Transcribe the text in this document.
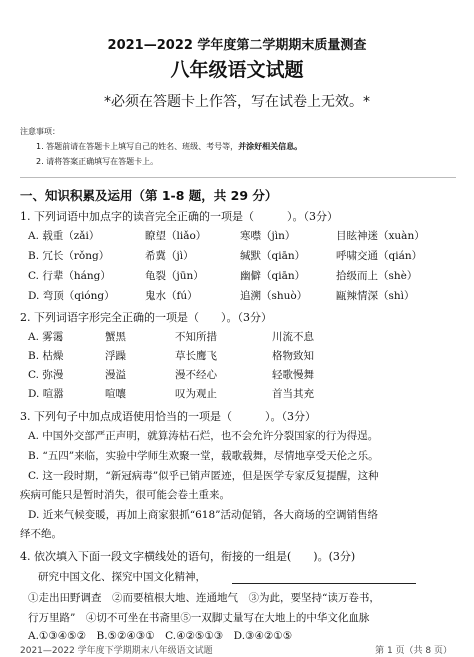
2021—2022 学年度第二学期期末质量测查
八年级语文试题
*必须在答题卡上作答，写在试卷上无效。*
注意事项：
1. 答题前请在答题卡上填写自己的姓名、班级、考号等，并涂好相关信息。
2. 请将答案正确填写在答题卡上。
一、知识积累及运用（第 1-8 题，共 29 分）
1. 下列词语中加点字的读音完全正确的一项是（　　　）。（3分）
A. 载重（zǎi）	瞭望（liǎo）	寒噤（jìn）	目眩神迷（xuàn）
B. 冗长（rǒng）	希冀（jì）	缄默（qiān）	呼啸交通（qián）
C. 行辈（háng）	龟裂（jūn）	幽僻（qiān）	拾级而上（shè）
D. 弯顶（qióng）	鬼水（fú）	追溯（shuò）	甌辣情深（shì）
2. 下列词语字形完全正确的一项是（　　）。（3分）
A. 雾霭	蟹黑	不知所措	川流不息
B. 枯燥	浮躁	草长鹰飞	格物致知
C. 弥漫	漫溢	漫不经心	轻歌慢舞
D. 喧嚣	喧嚷	叹为观止	首当其充
3. 下列句子中加点成语使用恰当的一项是（　　　）。（3分）
A. 中国外交部严正声明，就算涛枯石烂，也不会允许分裂国家的行为得逞。
B. “五四”来临，实验中学师生欢聚一堂，载歌载舞，尽情地享受天伦之乐。
C. 这一段时期，“新冠病毒”似乎已销声匿迹，但是医学专家反复提醒，这种
疾病可能只是暂时消失，很可能会卷土重来。
D. 近来气候变暖，再加上商家狠抓“618”活动促销，各大商场的空调销售络
绎不绝。
4. 依次填入下面一段文字横线处的语句，衔接的一组是(　　)。(3分)
研究中国文化、探究中国文化精神，
①走出田野调查　②而要植根大地、连通地气　③为此，要坚持“读万卷书，
行万里路”　④切不可坐在书斋里⑤一双脚丈量写在大地上的中华文化血脉
A.①③④⑤②　B.⑤②④③①　C.④②⑤①③　D.③④②①⑤
2021—2022 学年度下学期期末八年级语文试题	第 1 页（共 8 页）
